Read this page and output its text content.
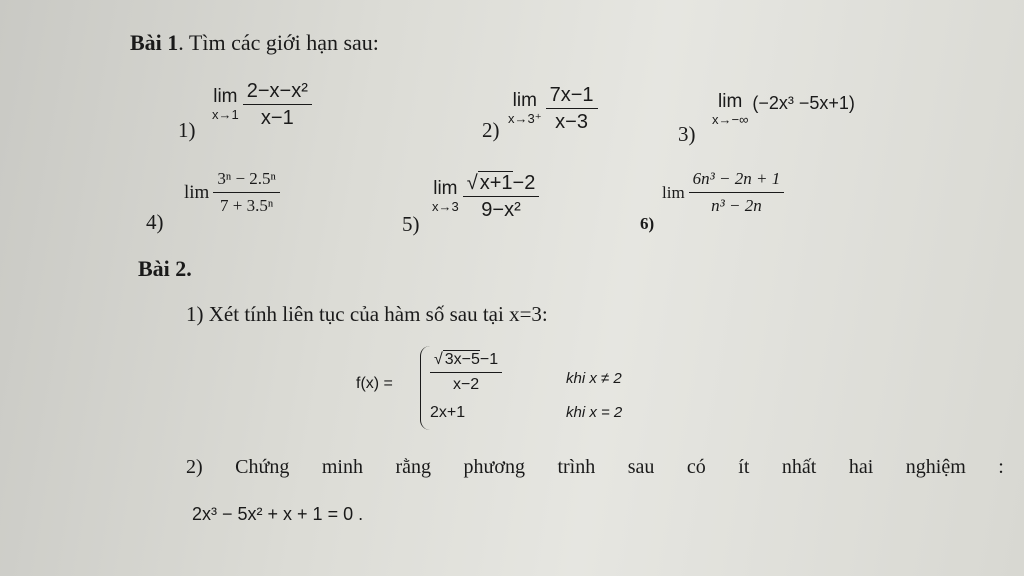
Bài 1. Tìm các giới hạn sau:
1)
lim
$x\to 1 \frac{\text{2−x−x²}}{x-1}$
2)
lim
$x\to 3^+ \frac{7x-1}{x-3}$
3)
lim
x→−∞
(−2x³ −5x+1)
4)
$\lim \frac{\text{3ⁿ − 2.5ⁿ}}{\text{7 + 3.5ⁿ}}$
5)
lim
$x\to 3 \frac{√ x+1-2}{\text{9−x²}}$
6)
$\lim \frac{\text{6n³ − 2n + 1}}{\text{n³ − 2n}}$
Bài 2.
1) Xét tính liên tục của hàm số sau tại x=3:
$f(x) = \frac{√ 3x-5-1}{x-2}$	khi x ≠ 2
2x+1	khi x = 2
2) Chứng minh rằng phương trình sau có ít nhất hai nghiệm :
2x³ − 5x² + x + 1 = 0 .
